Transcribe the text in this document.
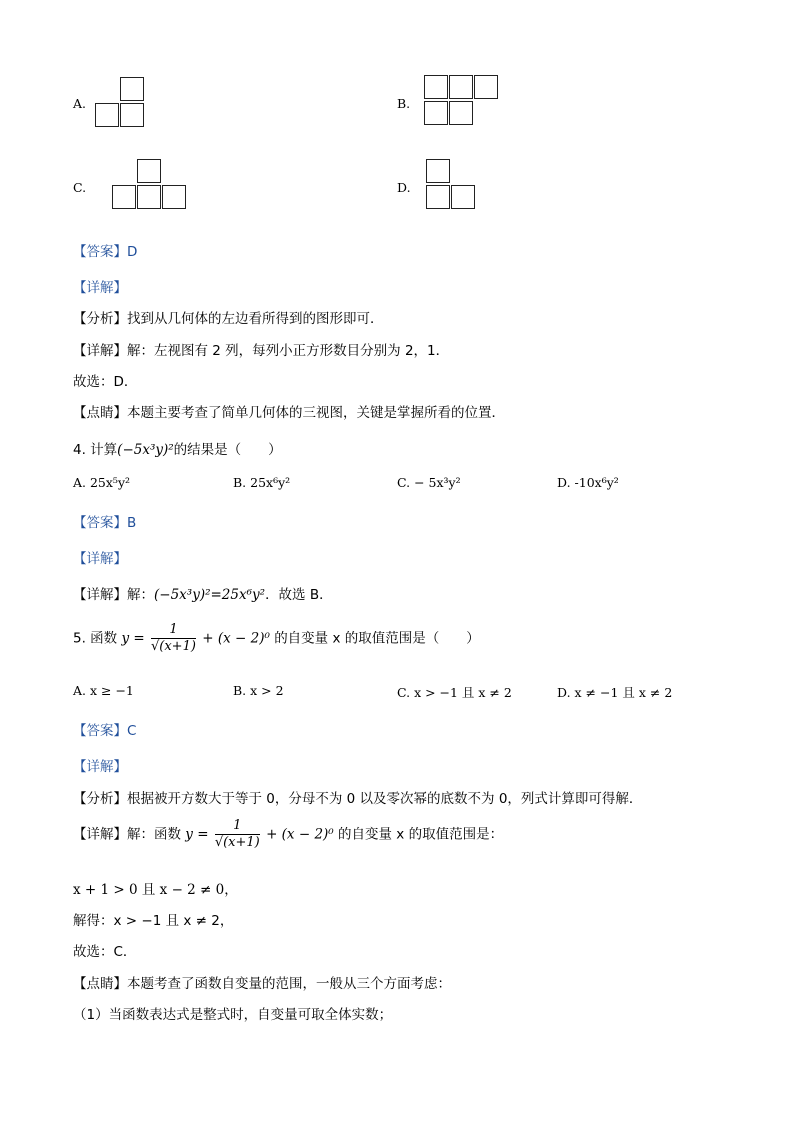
A.	B.
C.	D.
【答案】D
【详解】
【分析】找到从几何体的左边看所得到的图形即可．
【详解】解：左视图有 2 列，每列小正方形数目分别为 2，1．
故选：D．
【点睛】本题主要考查了简单几何体的三视图，关键是掌握所看的位置．
4. 计算(−5x³y)²的结果是（　　）
A. 25x⁵y²	B. 25x⁶y²	C. − 5x³y²	D. -10x⁶y²
【答案】B
【详解】
【详解】解：(−5x³y)²=25x⁶y²．故选 B．
5. 函数 $y = \frac{1}{√(x+1)} + (x - 2)^0$ 的自变量 x 的取值范围是（　　）
A. x ≥ −1	B. x > 2	C. x > −1 且 x ≠ 2	D. x ≠ −1 且 x ≠ 2
【答案】C
【详解】
【分析】根据被开方数大于等于 0，分母不为 0 以及零次幂的底数不为 0，列式计算即可得解．
【详解】解：函数 $y = \frac{1}{√(x+1)} + (x - 2)^0$ 的自变量 x 的取值范围是：
x + 1 > 0 且 x − 2 ≠ 0，
解得：x > −1 且 x ≠ 2，
故选：C．
【点睛】本题考查了函数自变量的范围，一般从三个方面考虑：
（1）当函数表达式是整式时，自变量可取全体实数；
